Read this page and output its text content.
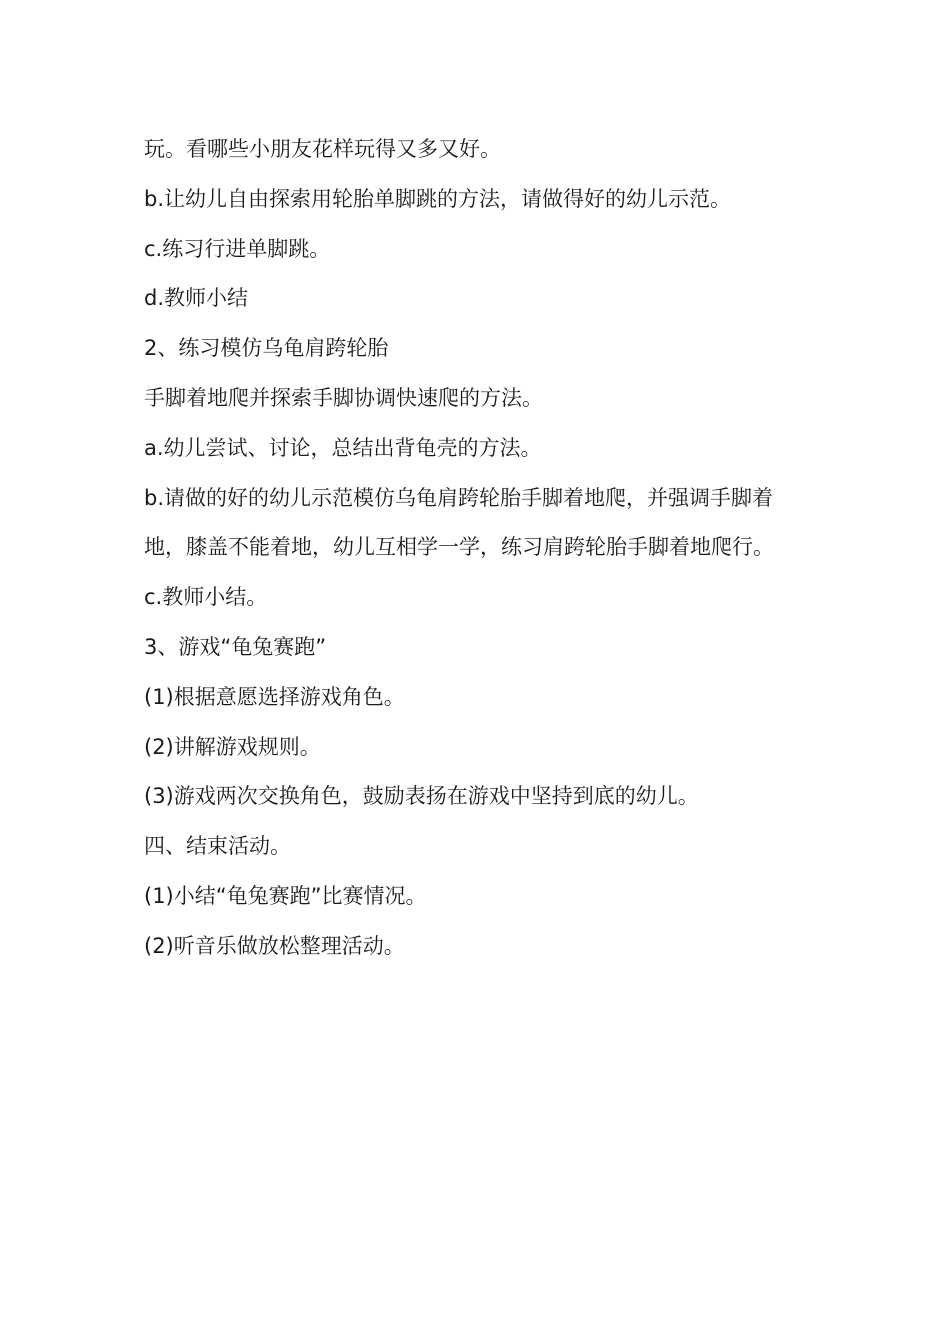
玩。看哪些小朋友花样玩得又多又好。

b.让幼儿自由探索用轮胎单脚跳的方法，请做得好的幼儿示范。

c.练习行进单脚跳。

d.教师小结

2、练习模仿乌龟肩跨轮胎

手脚着地爬并探索手脚协调快速爬的方法。

a.幼儿尝试、讨论，总结出背龟壳的方法。

b.请做的好的幼儿示范模仿乌龟肩跨轮胎手脚着地爬，并强调手脚着地，膝盖不能着地，幼儿互相学一学，练习肩跨轮胎手脚着地爬行。

c.教师小结。

3、游戏“龟兔赛跑”

(1)根据意愿选择游戏角色。

(2)讲解游戏规则。

(3)游戏两次交换角色，鼓励表扬在游戏中坚持到底的幼儿。

四、结束活动。

(1)小结“龟兔赛跑”比赛情况。

(2)听音乐做放松整理活动。
